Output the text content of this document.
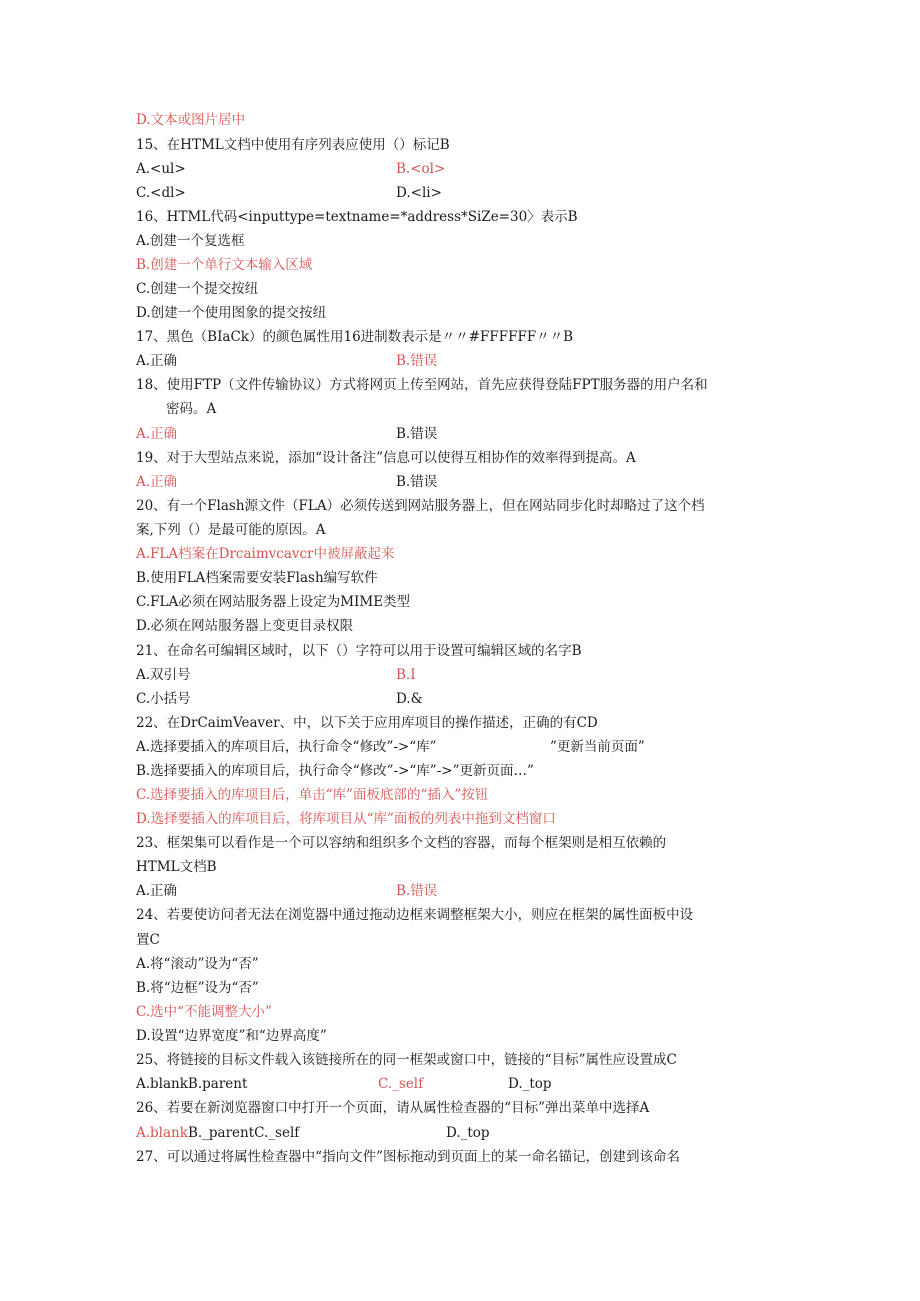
D.文本或图片居中
15、在HTML文档中使用有序列表应使用（）标记B
A.<ul>	B.<ol>
C.<dl>	D.<li>
16、HTML代码<inputtype=textname=*address*SiZe=30〉表示B
A.创建一个复选框
B.创建一个单行文本输入区域
C.创建一个提交按纽
D.创建一个使用图象的提交按纽
17、黑色（BIaCk）的颜色属性用16进制数表示是〃〃#FFFFFF〃〃B
A.正确	B.错误
18、使用FTP（文件传输协议）方式将网页上传至网站，首先应获得登陆FPT服务器的用户名和
密码。A
A.正确	B.错误
19、对于大型站点来说，添加“设计备注”信息可以使得互相协作的效率得到提高。A
A.正确	B.错误
20、有一个Flash源文件（FLA）必须传送到网站服务器上，但在网站同步化时却略过了这个档
案,下列（）是最可能的原因。A
A.FLA档案在Drcaimvcavcr中被屏蔽起来
B.使用FLA档案需要安装Flash编写软件
C.FLA必须在网站服务器上设定为MIME类型
D.必须在网站服务器上变更目录权限
21、在命名可编辑区域时，以下（）字符可以用于设置可编辑区域的名字B
A.双引号	B.I
C.小括号	D.&
22、在DrCaimVeaver、中，以下关于应用库项目的操作描述，正确的有CD
A.选择要插入的库项目后，执行命令“修改”->“库”	”更新当前页面”
B.选择要插入的库项目后，执行命令“修改”->“库”->”更新页面…”
C.选择要插入的库项目后，单击“库”面板底部的“插入”按钮
D.选择要插入的库项目后，将库项目从“库”面板的列表中拖到文档窗口
23、框架集可以看作是一个可以容纳和组织多个文档的容器，而每个框架则是相互依赖的
HTML文档B
A.正确	B.错误
24、若要使访问者无法在浏览器中通过拖动边框来调整框架大小，则应在框架的属性面板中设
置C
A.将“滚动”设为“否”
B.将“边框”设为“否”
C.选中“不能调整大小”
D.设置“边界宽度”和“边界高度”
25、将链接的目标文件载入该链接所在的同一框架或窗口中，链接的“目标”属性应设置成C
A.blankB.parent	C._self	D._top
26、若要在新浏览器窗口中打开一个页面，请从属性检查器的“目标”弹出菜单中选择A
A.blankB._parentC._self	D._top
27、可以通过将属性检查器中“指向文件”图标拖动到页面上的某一命名锚记，创建到该命名
